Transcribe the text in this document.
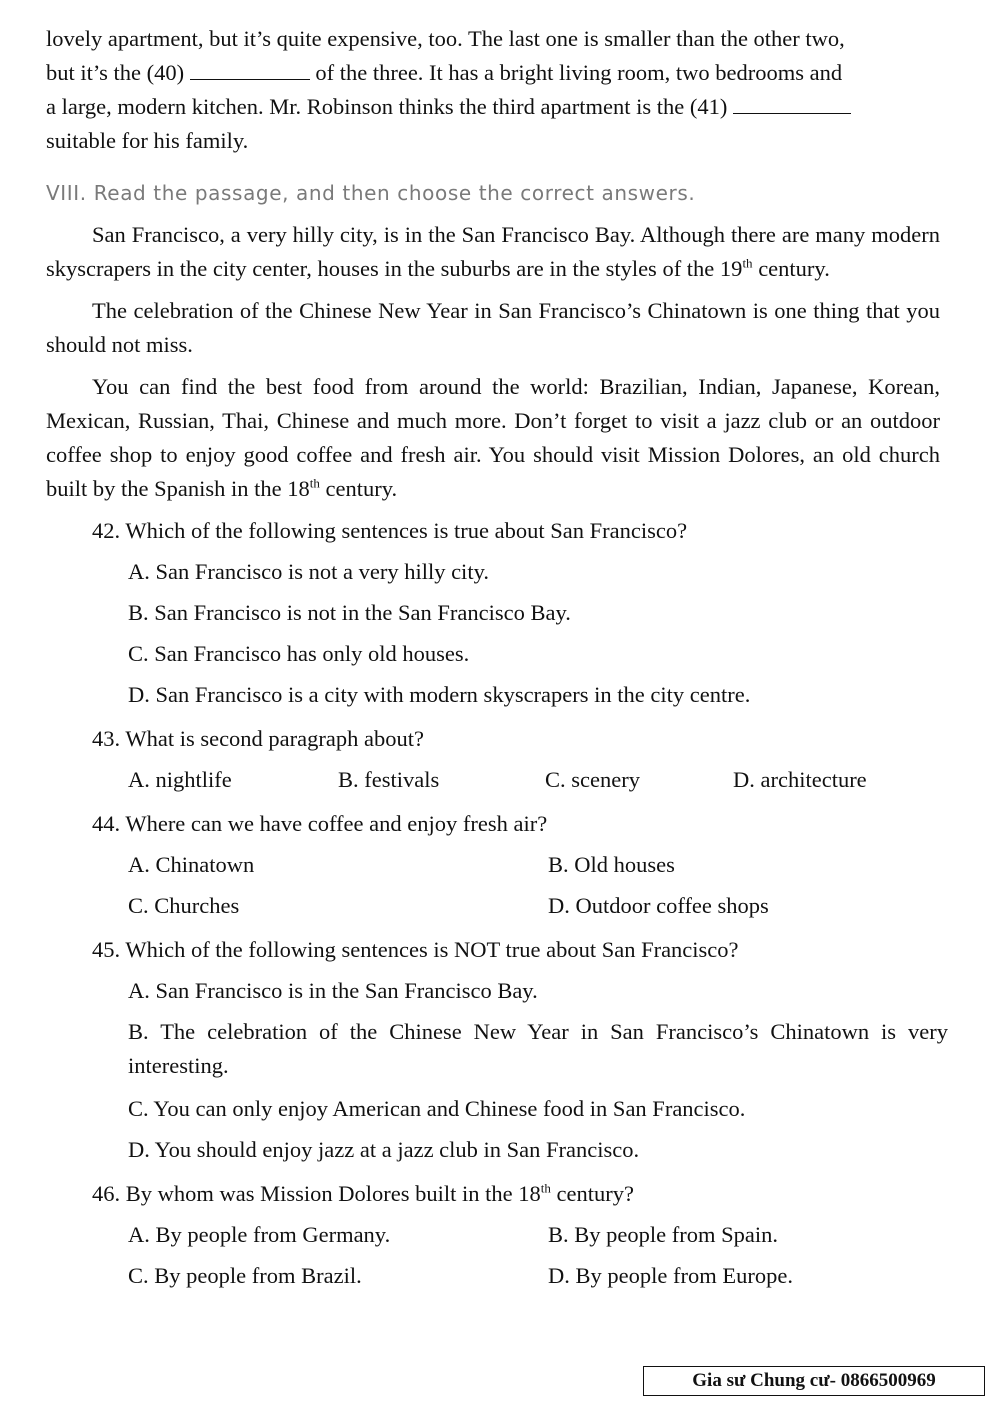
lovely apartment, but it’s quite expensive, too. The last one is smaller than the other two,

but it’s the (40)	of the three. It has a bright living room, two bedrooms and

a large, modern kitchen. Mr. Robinson thinks the third apartment is the (41)

suitable for his family.

VIII. Read the passage, and then choose the correct answers.

San Francisco, a very hilly city, is in the San Francisco Bay. Although there are many modern skyscrapers in the city center, houses in the suburbs are in the styles of the 19th century.

The celebration of the Chinese New Year in San Francisco’s Chinatown is one thing that you should not miss.

You can find the best food from around the world: Brazilian, Indian, Japanese, Korean, Mexican, Russian, Thai, Chinese and much more. Don’t forget to visit a jazz club or an outdoor coffee shop to enjoy good coffee and fresh air. You should visit Mission Dolores, an old church built by the Spanish in the 18th century.

42. Which of the following sentences is true about San Francisco?
A. San Francisco is not a very hilly city.
B. San Francisco is not in the San Francisco Bay.
C. San Francisco has only old houses.
D. San Francisco is a city with modern skyscrapers in the city centre.
43. What is second paragraph about?
A. nightlife	B. festivals	C. scenery	D. architecture
44. Where can we have coffee and enjoy fresh air?
A. Chinatown	B. Old houses
C. Churches	D. Outdoor coffee shops
45. Which of the following sentences is NOT true about San Francisco?
A. San Francisco is in the San Francisco Bay.
B. The celebration of the Chinese New Year in San Francisco’s Chinatown is very interesting.
C. You can only enjoy American and Chinese food in San Francisco.
D. You should enjoy jazz at a jazz club in San Francisco.
46. By whom was Mission Dolores built in the 18th century?
A. By people from Germany.	B. By people from Spain.
C. By people from Brazil.	D. By people from Europe.
Gia sư Chung cư- 0866500969
